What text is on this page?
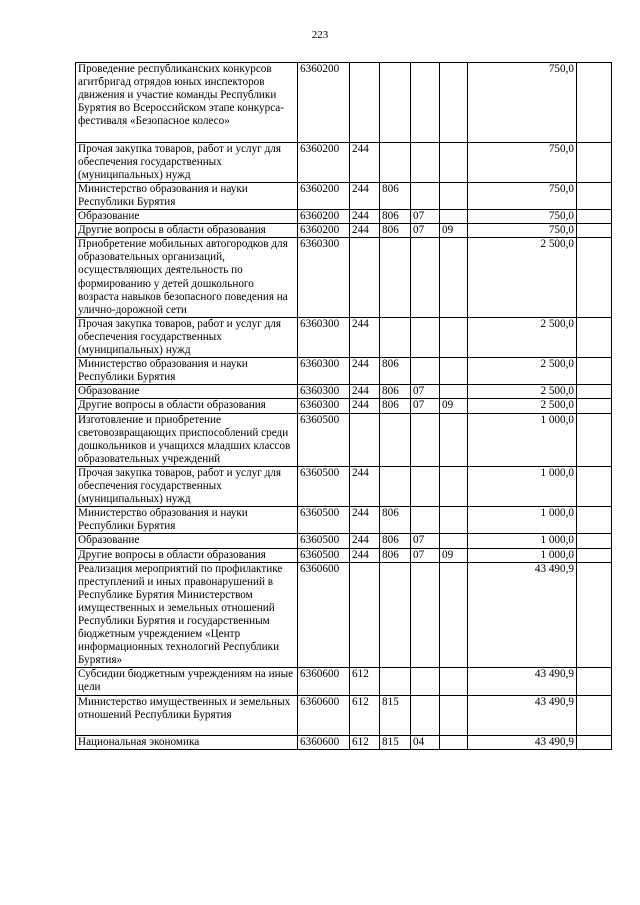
223
Проведение республиканских конкурсов агитбригад отрядов юных инспекторов движения и участие команды Республики Бурятия во Всероссийском этапе конкурса-фестиваля «Безопасное колесо»	6360200					750,0	
Прочая закупка товаров, работ и услуг для обеспечения государственных (муниципальных) нужд	6360200	244				750,0	
Министерство образования и науки Республики Бурятия	6360200	244	806			750,0	
Образование	6360200	244	806	07		750,0	
Другие вопросы в области образования	6360200	244	806	07	09	750,0	
Приобретение мобильных автогородков для образовательных организаций, осуществляющих деятельность по формированию у детей дошкольного возраста навыков безопасного поведения на улично-дорожной сети	6360300					2 500,0	
Прочая закупка товаров, работ и услуг для обеспечения государственных (муниципальных) нужд	6360300	244				2 500,0	
Министерство образования и науки Республики Бурятия	6360300	244	806			2 500,0	
Образование	6360300	244	806	07		2 500,0	
Другие вопросы в области образования	6360300	244	806	07	09	2 500,0	
Изготовление и приобретение световозвращающих приспособлений среди дошкольников и учащихся младших классов образовательных учреждений	6360500					1 000,0	
Прочая закупка товаров, работ и услуг для обеспечения государственных (муниципальных) нужд	6360500	244				1 000,0	
Министерство образования и науки Республики Бурятия	6360500	244	806			1 000,0	
Образование	6360500	244	806	07		1 000,0	
Другие вопросы в области образования	6360500	244	806	07	09	1 000,0	
Реализация мероприятий по профилактике преступлений и иных правонарушений в Республике Бурятия Министерством имущественных и земельных отношений Республики Бурятия и государственным бюджетным учреждением «Центр информационных технологий Республики Бурятия»	6360600					43 490,9	
Субсидии бюджетным учреждениям на иные цели	6360600	612				43 490,9	
Министерство имущественных и земельных отношений Республики Бурятия	6360600	612	815			43 490,9	
Национальная экономика	6360600	612	815	04		43 490,9	
